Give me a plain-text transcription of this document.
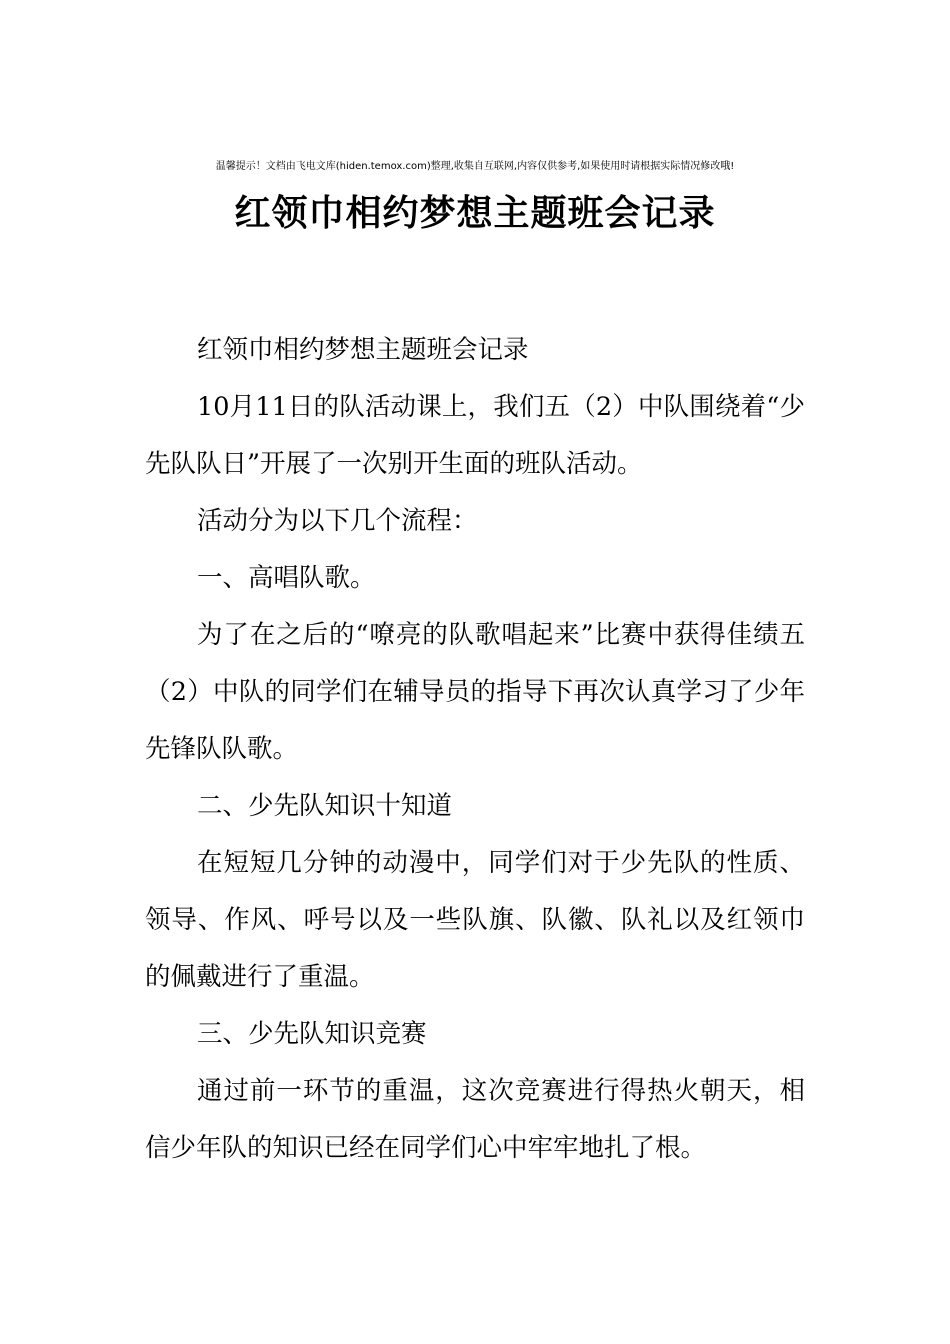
温馨提示！文档由飞电文库(hiden.temox.com)整理,收集自互联网,内容仅供参考,如果使用时请根据实际情况修改哦!
红领巾相约梦想主题班会记录

红领巾相约梦想主题班会记录

10月11日的队活动课上，我们五（2）中队围绕着“少先队队日”开展了一次别开生面的班队活动。

活动分为以下几个流程：

一、高唱队歌。

为了在之后的“嘹亮的队歌唱起来”比赛中获得佳绩五（2）中队的同学们在辅导员的指导下再次认真学习了少年先锋队队歌。

二、少先队知识十知道

在短短几分钟的动漫中，同学们对于少先队的性质、领导、作风、呼号以及一些队旗、队徽、队礼以及红领巾的佩戴进行了重温。

三、少先队知识竞赛

通过前一环节的重温，这次竞赛进行得热火朝天，相信少年队的知识已经在同学们心中牢牢地扎了根。
